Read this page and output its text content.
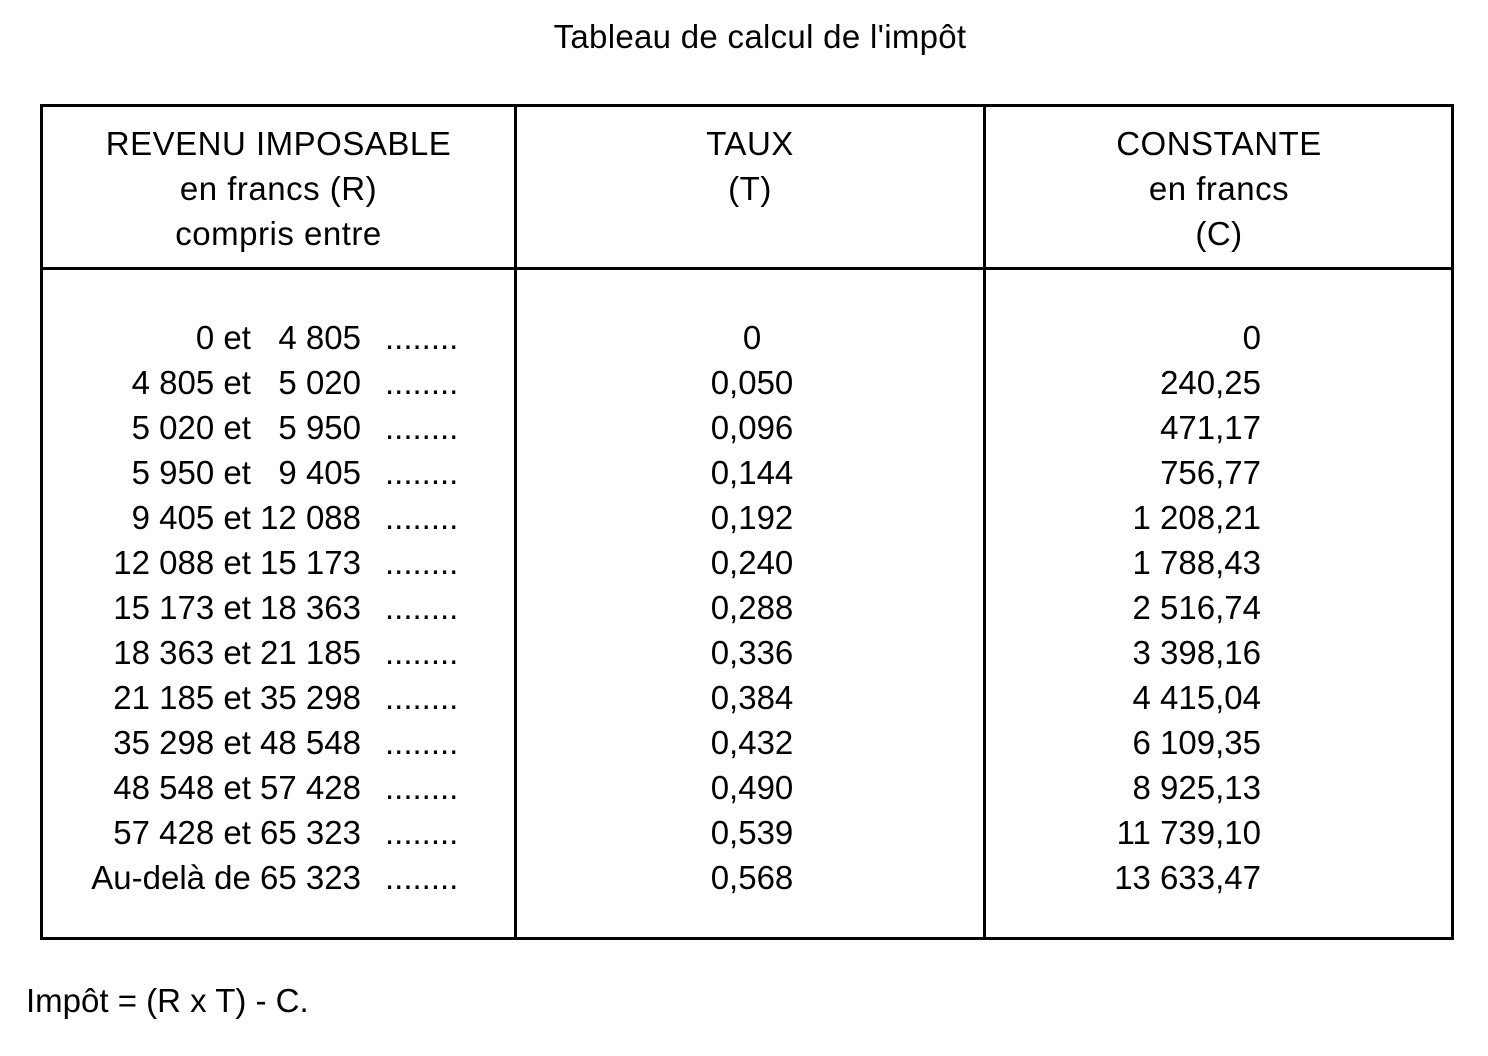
Tableau de calcul de l'impôt
REVENU IMPOSABLE
en francs (R)
compris entre
TAUX
(T)
CONSTANTE
en francs
(C)
0 et   4 805 ........	0	0
4 805 et   5 020 ........	0,050	240,25
5 020 et   5 950 ........	0,096	471,17
5 950 et   9 405 ........	0,144	756,77
9 405 et 12 088 ........	0,192	1 208,21
12 088 et 15 173 ........	0,240	1 788,43
15 173 et 18 363 ........	0,288	2 516,74
18 363 et 21 185 ........	0,336	3 398,16
21 185 et 35 298 ........	0,384	4 415,04
35 298 et 48 548 ........	0,432	6 109,35
48 548 et 57 428 ........	0,490	8 925,13
57 428 et 65 323 ........	0,539	11 739,10
Au-delà de 65 323 ........	0,568	13 633,47
Impôt = (R x T) - C.
